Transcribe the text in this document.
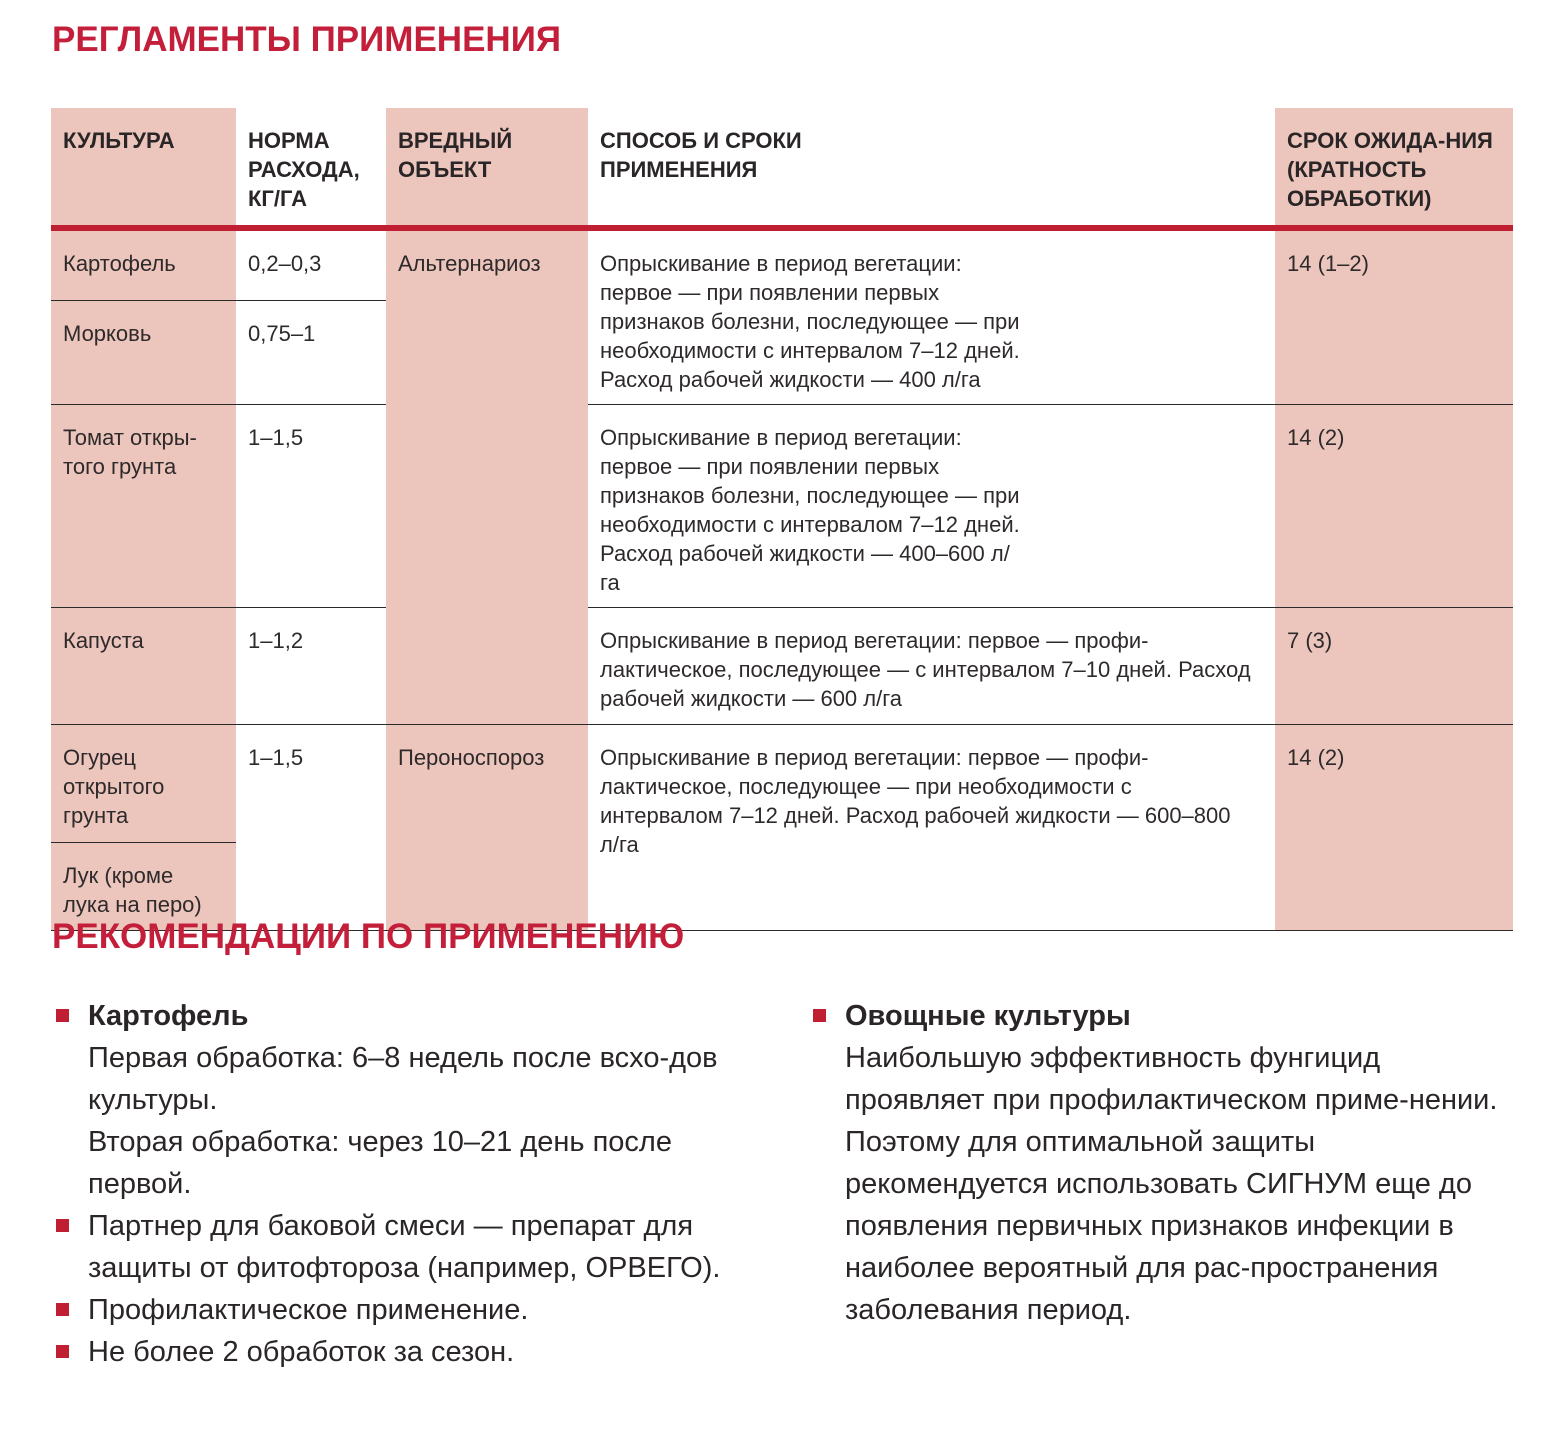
РЕГЛАМЕНТЫ ПРИМЕНЕНИЯ
КУЛЬТУРА	НОРМА РАСХОДА, КГ/ГА	ВРЕДНЫЙ ОБЪЕКТ	СПОСОБ И СРОКИ ПРИМЕНЕНИЯ	СРОК ОЖИДА-НИЯ (КРАТНОСТЬ ОБРАБОТКИ)
Картофель	0,2–0,3	Альтернариоз	Опрыскивание в период вегетации: первое — при появлении первых признаков болезни, последующее — при необходимости с интервалом 7–12 дней. Расход рабочей жидкости — 400 л/га	14 (1–2)
Морковь	0,75–1			
Томат откры-того грунта	1–1,5		Опрыскивание в период вегетации: первое — при появлении первых признаков болезни, последующее — при необходимости с интервалом 7–12 дней. Расход рабочей жидкости — 400–600 л/га	14 (2)
Капуста	1–1,2		Опрыскивание в период вегетации: первое — профи-лактическое, последующее — с интервалом 7–10 дней. Расход рабочей жидкости — 600 л/га	7 (3)
Огурец открытого грунта	1–1,5	Пероноспороз	Опрыскивание в период вегетации: первое — профи-лактическое, последующее — при необходимости с интервалом 7–12 дней. Расход рабочей жидкости — 600–800 л/га	14 (2)
Лук (кроме лука на перо)				
РЕКОМЕНДАЦИИ ПО ПРИМЕНЕНИЮ
Картофель
Первая обработка: 6–8 недель после всхо-дов культуры.
Вторая обработка: через 10–21 день после первой.
Партнер для баковой смеси — препарат для защиты от фитофтороза (например, ОРВЕГО).
Профилактическое применение.
Не более 2 обработок за сезон.
Овощные культуры
Наибольшую эффективность фунгицид проявляет при профилактическом приме-нении. Поэтому для оптимальной защиты рекомендуется использовать СИГНУМ еще до появления первичных признаков инфекции в наиболее вероятный для рас-пространения заболевания период.
